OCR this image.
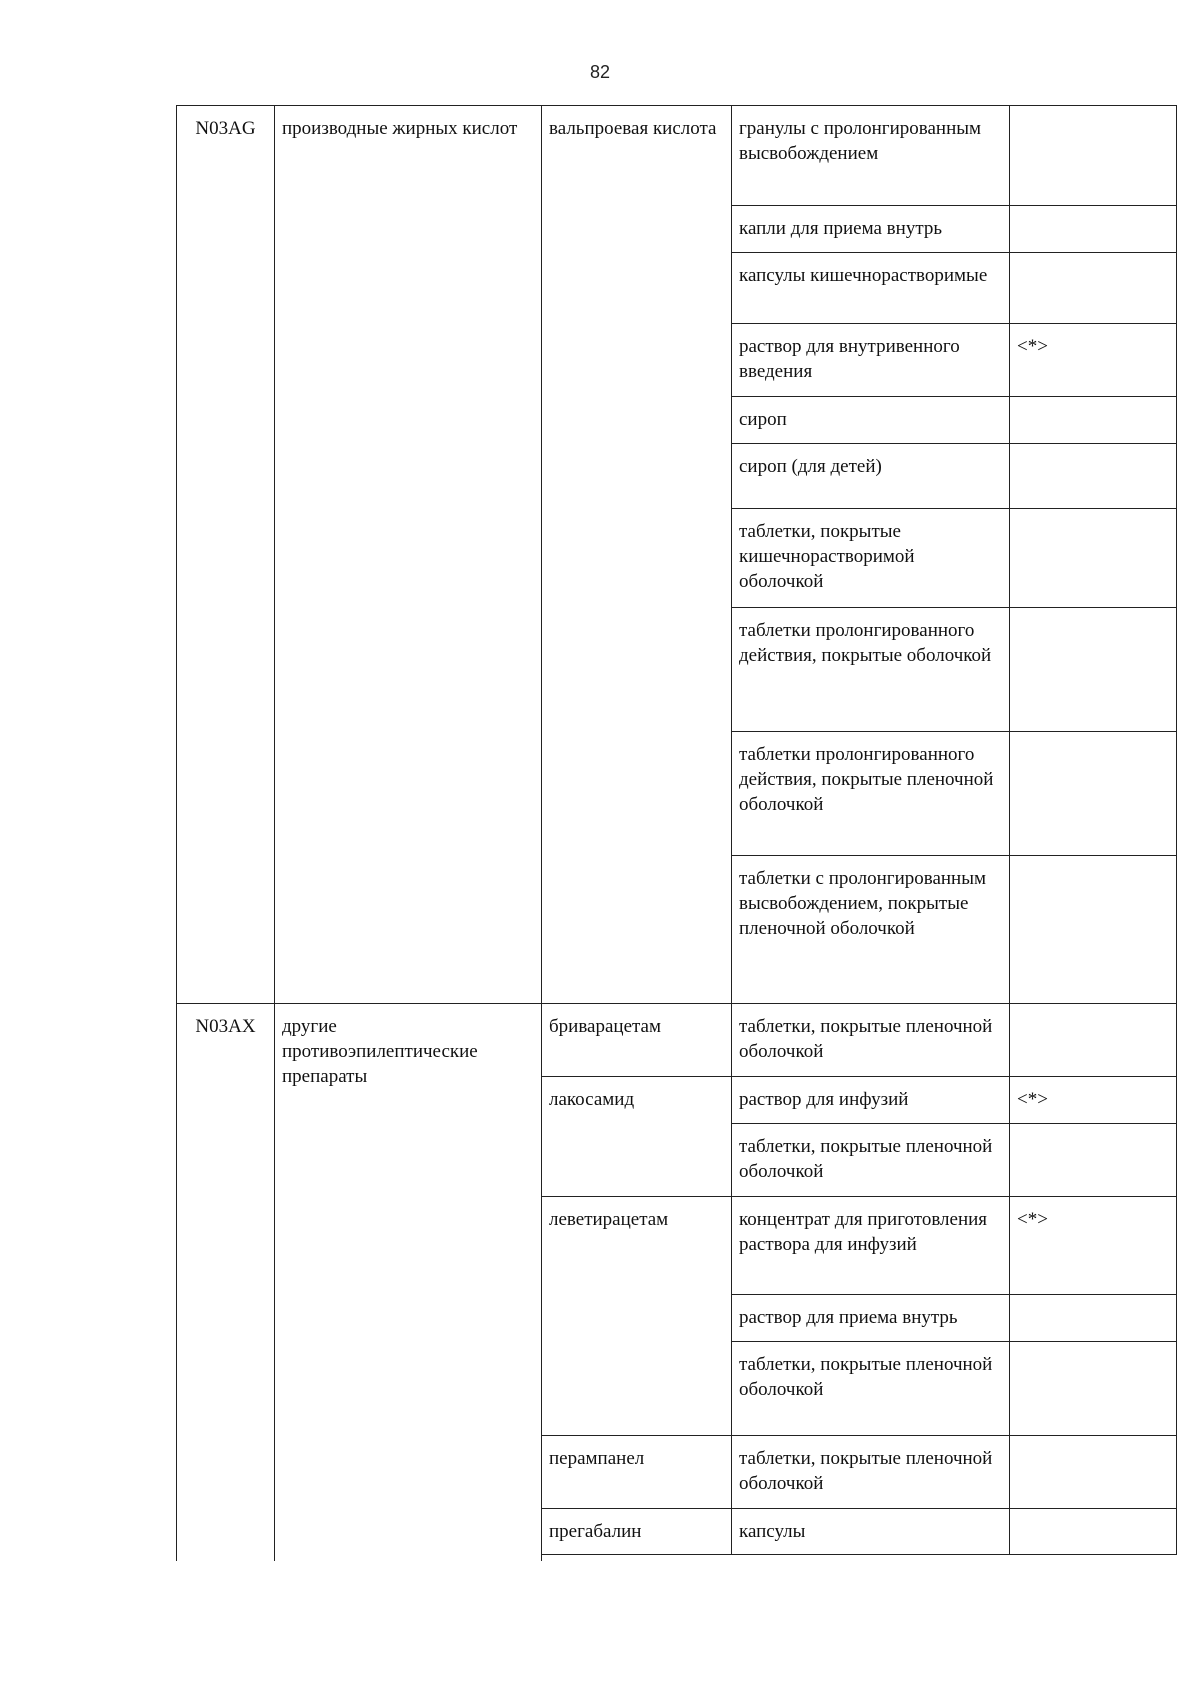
82
N03AG	производные жирных кислот	вальпроевая кислота	гранулы с пролонгированным высвобождением	
			капли для приема внутрь	
			капсулы кишечнорастворимые	
			раствор для внутривенного введения	<*>
			сироп	
			сироп (для детей)	
			таблетки, покрытые кишечнорастворимой оболочкой	
			таблетки пролонгированного действия, покрытые оболочкой	
			таблетки пролонгированного действия, покрытые пленочной оболочкой	
			таблетки с пролонгированным высвобождением, покрытые пленочной оболочкой	
N03AX	другие противоэпилептические препараты	бриварацетам	таблетки, покрытые пленочной оболочкой	
		лакосамид	раствор для инфузий	<*>
			таблетки, покрытые пленочной оболочкой	
		леветирацетам	концентрат для приготовления раствора для инфузий	<*>
			раствор для приема внутрь	
			таблетки, покрытые пленочной оболочкой	
		перампанел	таблетки, покрытые пленочной оболочкой	
		прегабалин	капсулы	
